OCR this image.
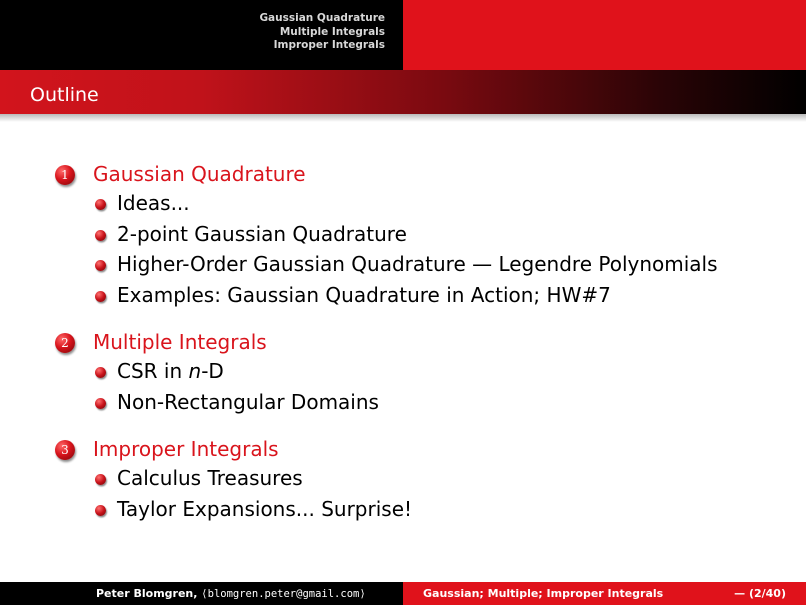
Gaussian Quadrature
Multiple Integrals
Improper Integrals
Outline
1	Gaussian Quadrature
Ideas...
2-point Gaussian Quadrature
Higher-Order Gaussian Quadrature — Legendre Polynomials
Examples: Gaussian Quadrature in Action; HW#7
2	Multiple Integrals
CSR in n-D
Non-Rectangular Domains
3	Improper Integrals
Calculus Treasures
Taylor Expansions... Surprise!
Peter Blomgren, ⟨blomgren.peter@gmail.com⟩	Gaussian; Multiple; Improper Integrals	— (2/40)
